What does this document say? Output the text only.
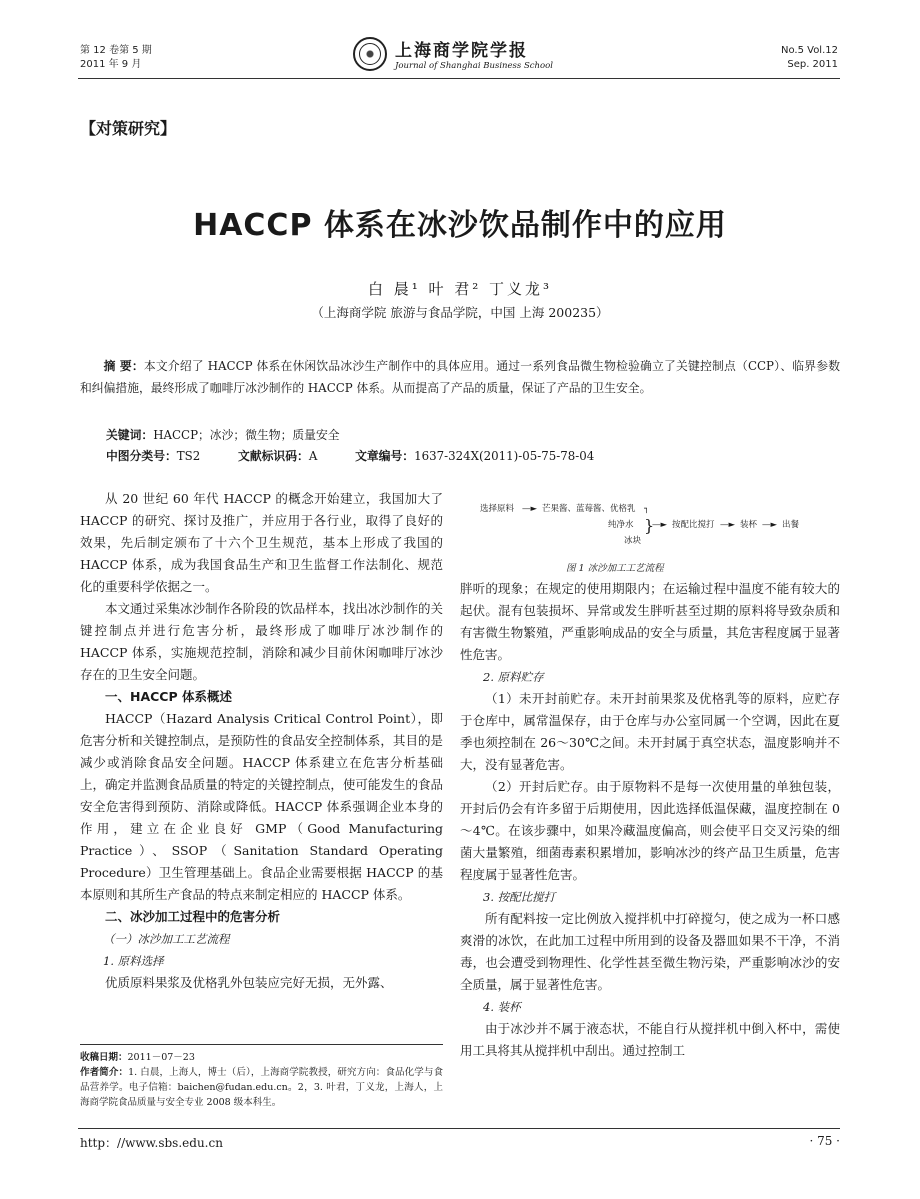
第 12 卷第 5 期
2011 年 9 月
上海商学院学报
Journal of Shanghai Business School
No.5 Vol.12
Sep. 2011
【对策研究】
HACCP 体系在冰沙饮品制作中的应用
白 晨¹ 叶 君² 丁义龙³
（上海商学院 旅游与食品学院，中国 上海 200235）
摘 要：本文介绍了 HACCP 体系在休闲饮品冰沙生产制作中的具体应用。通过一系列食品微生物检验确立了关键控制点（CCP）、临界参数和纠偏措施，最终形成了咖啡厅冰沙制作的 HACCP 体系。从而提高了产品的质量，保证了产品的卫生安全。
关键词：HACCP；冰沙；微生物；质量安全
中图分类号：TS2	文献标识码：A	文章编号：1637-324X(2011)-05-75-78-04

从 20 世纪 60 年代 HACCP 的概念开始建立，我国加大了 HACCP 的研究、探讨及推广，并应用于各行业，取得了良好的效果，先后制定颁布了十六个卫生规范，基本上形成了我国的 HACCP 体系，成为我国食品生产和卫生监督工作法制化、规范化的重要科学依据之一。

本文通过采集冰沙制作各阶段的饮品样本，找出冰沙制作的关键控制点并进行危害分析，最终形成了咖啡厅冰沙制作的 HACCP 体系，实施规范控制，消除和减少目前休闲咖啡厅冰沙存在的卫生安全问题。

一、HACCP 体系概述

HACCP（Hazard Analysis Critical Control Point），即危害分析和关键控制点，是预防性的食品安全控制体系，其目的是减少或消除食品安全问题。HACCP 体系建立在危害分析基础上，确定并监测食品质量的特定的关键控制点，使可能发生的食品安全危害得到预防、消除或降低。HACCP 体系强调企业本身的作用，建立在企业良好 GMP（Good Manufacturing Practice）、SSOP（Sanitation Standard Operating Procedure）卫生管理基础上。食品企业需要根据 HACCP 的基本原则和其所生产食品的特点来制定相应的 HACCP 体系。

二、冰沙加工过程中的危害分析

（一）冰沙加工工艺流程

1. 原料选择

优质原料果浆及优格乳外包装应完好无损，无外露、

选择原料 —► 芒果酱、蓝莓酱、优格乳 ┐
纯净水
冰块
}
—► 按配比搅打 —► 装杯 —► 出餐
图 1 冰沙加工工艺流程

胖听的现象；在规定的使用期限内；在运输过程中温度不能有较大的起伏。混有包装损坏、异常或发生胖听甚至过期的原料将导致杂质和有害微生物繁殖，严重影响成品的安全与质量，其危害程度属于显著性危害。

2. 原料贮存

（1）未开封前贮存。未开封前果浆及优格乳等的原料，应贮存于仓库中，属常温保存，由于仓库与办公室同属一个空调，因此在夏季也须控制在 26～30℃之间。未开封属于真空状态，温度影响并不大，没有显著危害。

（2）开封后贮存。由于原物料不是每一次使用量的单独包装，开封后仍会有许多留于后期使用，因此选择低温保藏，温度控制在 0～4℃。在该步骤中，如果冷藏温度偏高，则会使平日交叉污染的细菌大量繁殖，细菌毒素积累增加，影响冰沙的终产品卫生质量，危害程度属于显著性危害。

3. 按配比搅打

所有配料按一定比例放入搅拌机中打碎搅匀，使之成为一杯口感爽滑的冰饮，在此加工过程中所用到的设备及器皿如果不干净，不消毒，也会遭受到物理性、化学性甚至微生物污染，严重影响冰沙的安全质量，属于显著性危害。

4. 装杯

由于冰沙并不属于液态状，不能自行从搅拌机中倒入杯中，需使用工具将其从搅拌机中刮出。通过控制工

收稿日期：2011－07－23
作者简介：1. 白晨，上海人，博士（后），上海商学院教授，研究方向：食品化学与食品营养学。电子信箱：baichen@fudan.edu.cn。2，3. 叶君，丁义龙，上海人，上海商学院食品质量与安全专业 2008 级本科生。
http：//www.sbs.edu.cn	· 75 ·
